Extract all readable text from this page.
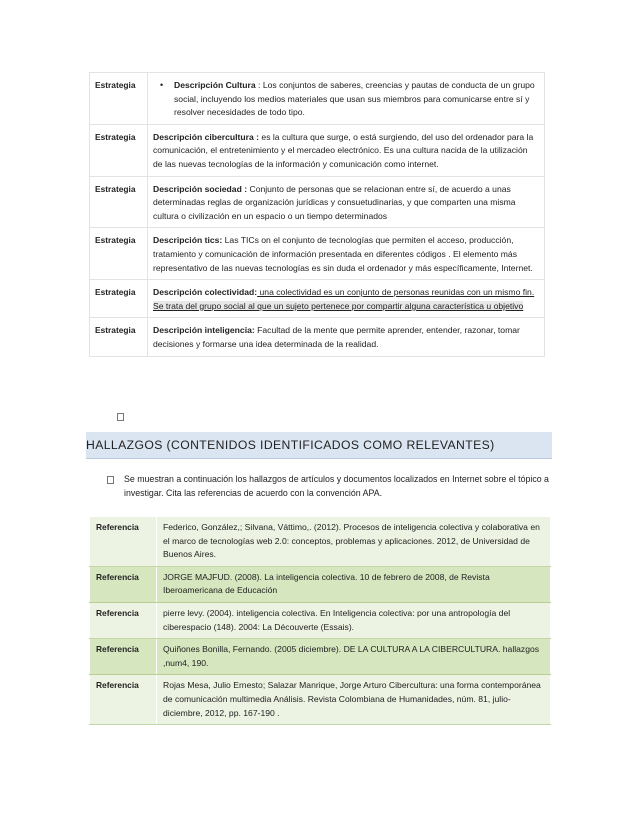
Estrategia	• Descripción Cultura : Los conjuntos de saberes, creencias y pautas de conducta de un grupo social, incluyendo los medios materiales que usan sus miembros para comunicarse entre sí y resolver necesidades de todo tipo.
Estrategia	Descripción cibercultura : es la cultura que surge, o está surgiendo, del uso del ordenador para la comunicación, el entretenimiento y el mercadeo electrónico. Es una cultura nacida de la utilización de las nuevas tecnologías de la información y comunicación como internet.
Estrategia	Descripción sociedad : Conjunto de personas que se relacionan entre sí, de acuerdo a unas determinadas reglas de organización jurídicas y consuetudinarias, y que comparten una misma cultura o civilización en un espacio o un tiempo determinados
Estrategia	Descripción tics: Las TICs on el conjunto de tecnologías que permiten el acceso, producción, tratamiento y comunicación de información presentada en diferentes códigos . El elemento más representativo de las nuevas tecnologías es sin duda el ordenador y más específicamente, Internet.
Estrategia	Descripción colectividad: una colectividad es un conjunto de personas reunidas con un mismo fin. Se trata del grupo social al que un sujeto pertenece por compartir alguna característica u objetivo
Estrategia	Descripción inteligencia: Facultad de la mente que permite aprender, entender, razonar, tomar decisiones y formarse una idea determinada de la realidad.
HALLAZGOS (CONTENIDOS IDENTIFICADOS COMO RELEVANTES)
Se muestran a continuación los hallazgos de artículos y documentos localizados en Internet sobre el tópico a investigar. Cita las referencias de acuerdo con la convención APA.
Referencia	Federico, González,; Silvana, Váttimo,. (2012). Procesos de inteligencia colectiva y colaborativa en el marco de tecnologías web 2.0: conceptos, problemas y aplicaciones. 2012, de Universidad de Buenos Aires.
Referencia	JORGE MAJFUD. (2008). La inteligencia colectiva. 10 de febrero de 2008, de Revista Iberoamericana de Educación
Referencia	pierre levy. (2004). inteligencia colectiva. En Inteligencia colectiva: por una antropología del ciberespacio (148). 2004: La Découverte (Essais).
Referencia	Quiñones Bonilla, Fernando. (2005 diciembre). DE LA CULTURA A LA CIBERCULTURA. hallazgos ,num4, 190.
Referencia	Rojas Mesa, Julio Ernesto; Salazar Manrique, Jorge Arturo Cibercultura: una forma contemporánea de comunicación multimedia Análisis. Revista Colombiana de Humanidades, núm. 81, julio-diciembre, 2012, pp. 167-190 .
